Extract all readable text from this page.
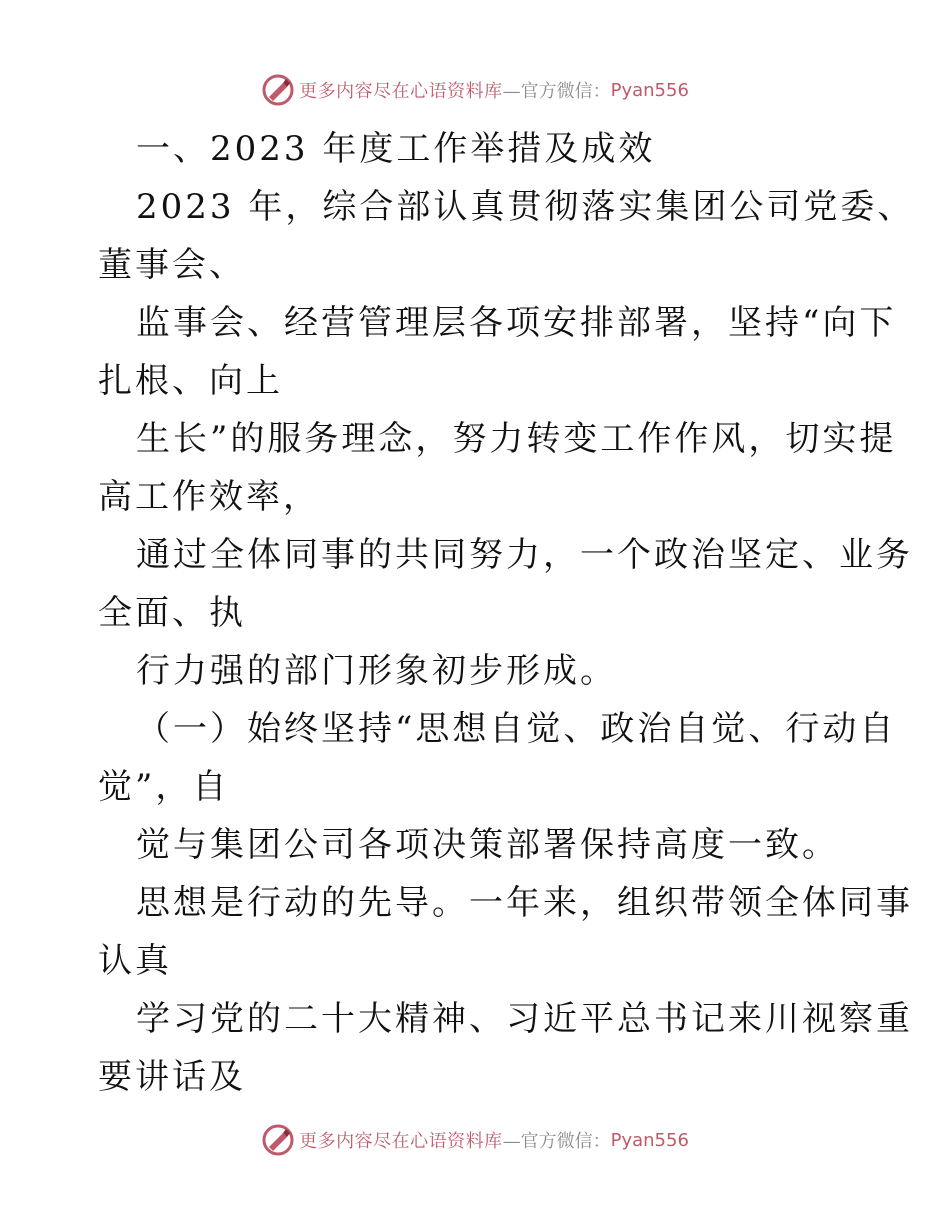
更多内容尽在心语资料库 —官方微信： Pyan556
一、2023 年度工作举措及成效
2023 年，综合部认真贯彻落实集团公司党委、
董事会、
监事会、经营管理层各项安排部署，坚持“向下
扎根、向上
生长”的服务理念，努力转变工作作风，切实提
高工作效率，
通过全体同事的共同努力，一个政治坚定、业务
全面、执
行力强的部门形象初步形成。
（一）始终坚持“思想自觉、政治自觉、行动自
觉”，自
觉与集团公司各项决策部署保持高度一致。
思想是行动的先导。一年来，组织带领全体同事
认真
学习党的二十大精神、习近平总书记来川视察重
要讲话及
更多内容尽在心语资料库 —官方微信： Pyan556
